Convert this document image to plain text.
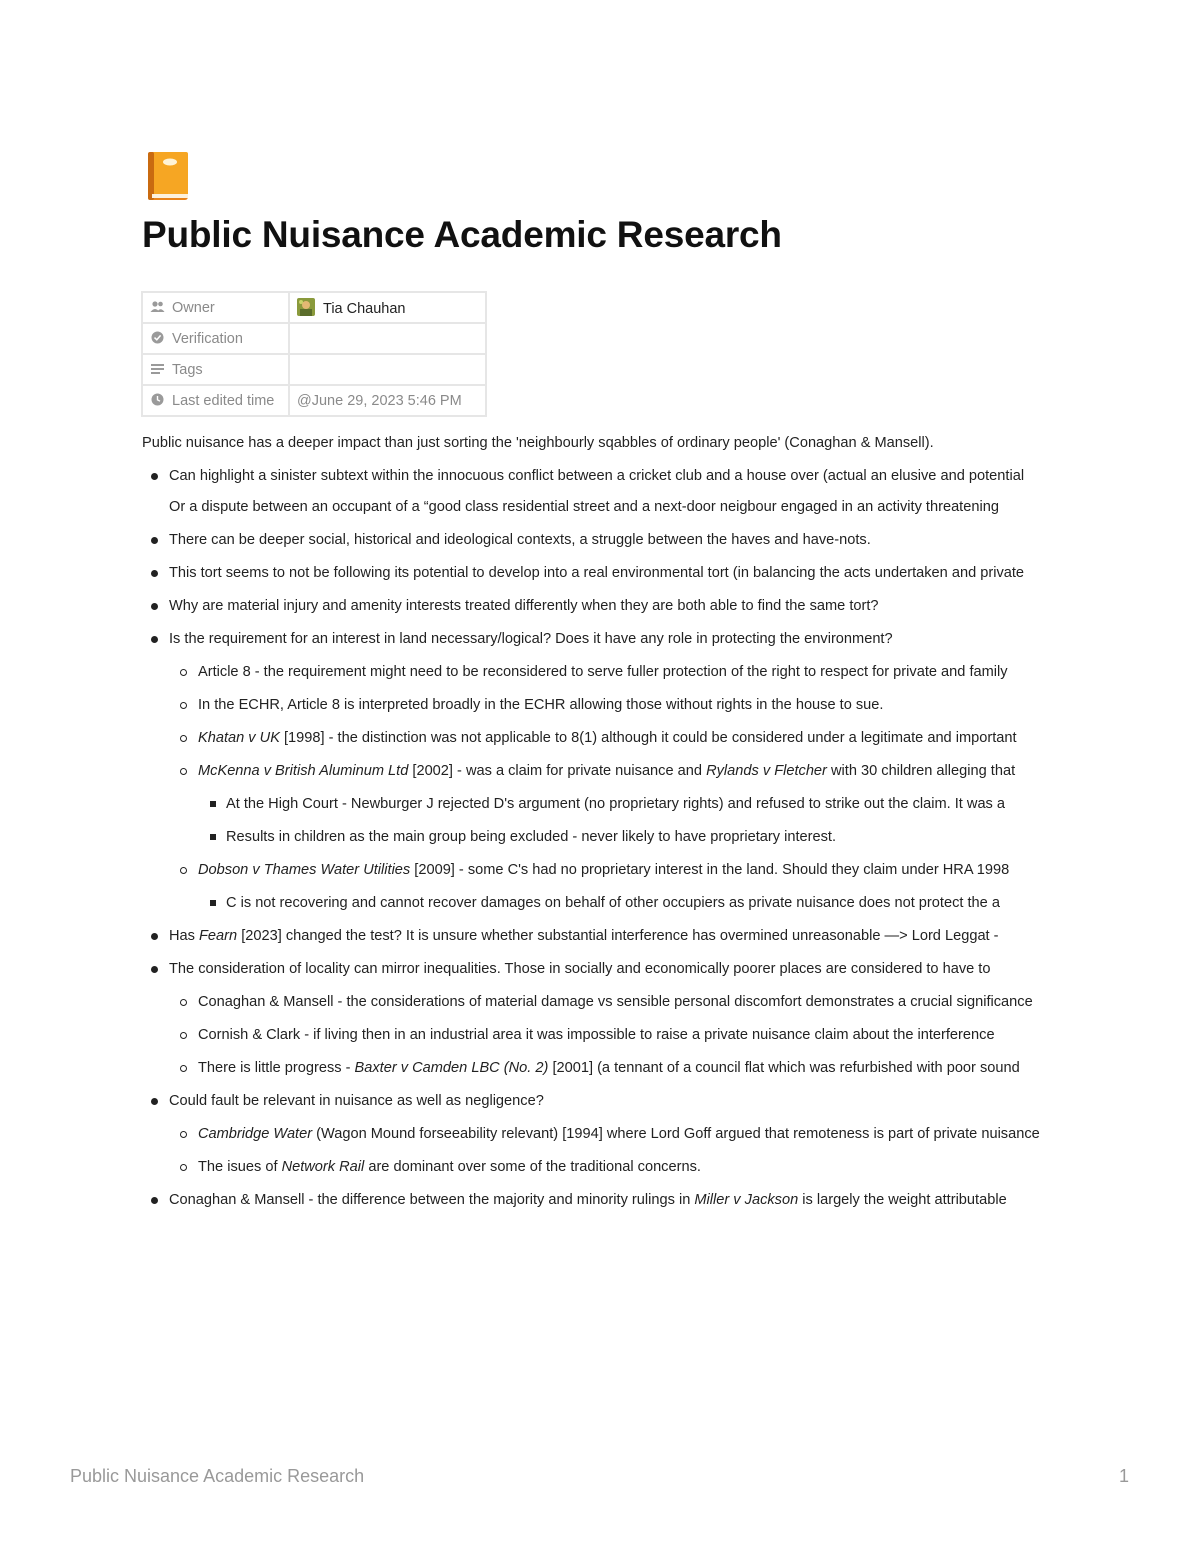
Public Nuisance Academic Research
Owner	Tia Chauhan
Verification	
Tags	
Last edited time	@June 29, 2023 5:46 PM

Public nuisance has a deeper impact than just sorting the 'neighbourly sqabbles of ordinary people' (Conaghan & Mansell).

Can highlight a sinister subtext within the innocuous conflict between a cricket club and a house over (actual an elusive and potential
Or a dispute between an occupant of a “good class residential street and a next-door neigbour engaged in an activity threatening
There can be deeper social, historical and ideological contexts, a struggle between the haves and have-nots.
This tort seems to not be following its potential to develop into a real environmental tort (in balancing the acts undertaken and private
Why are material injury and amenity interests treated differently when they are both able to find the same tort?
Is the requirement for an interest in land necessary/logical? Does it have any role in protecting the environment?
Article 8 - the requirement might need to be reconsidered to serve fuller protection of the right to respect for private and family
In the ECHR, Article 8 is interpreted broadly in the ECHR allowing those without rights in the house to sue.
Khatan v UK [1998] - the distinction was not applicable to 8(1) although it could be considered under a legitimate and important
McKenna v British Aluminum Ltd [2002] - was a claim for private nuisance and Rylands v Fletcher with 30 children alleging that
At the High Court - Newburger J rejected D's argument (no proprietary rights) and refused to strike out the claim. It was a
Results in children as the main group being excluded - never likely to have proprietary interest.
Dobson v Thames Water Utilities [2009] - some C's had no proprietary interest in the land. Should they claim under HRA 1998
C is not recovering and cannot recover damages on behalf of other occupiers as private nuisance does not protect the a
Has Fearn [2023] changed the test? It is unsure whether substantial interference has overmined unreasonable —> Lord Leggat -
The consideration of locality can mirror inequalities. Those in socially and economically poorer places are considered to have to
Conaghan & Mansell - the considerations of material damage vs sensible personal discomfort demonstrates a crucial significance
Cornish & Clark - if living then in an industrial area it was impossible to raise a private nuisance claim about the interference
There is little progress - Baxter v Camden LBC (No. 2) [2001] (a tennant of a council flat which was refurbished with poor sound
Could fault be relevant in nuisance as well as negligence?
Cambridge Water (Wagon Mound forseeability relevant) [1994] where Lord Goff argued that remoteness is part of private nuisance
The isues of Network Rail are dominant over some of the traditional concerns.
Conaghan & Mansell - the difference between the majority and minority rulings in Miller v Jackson is largely the weight attributable
Public Nuisance Academic Research	1
